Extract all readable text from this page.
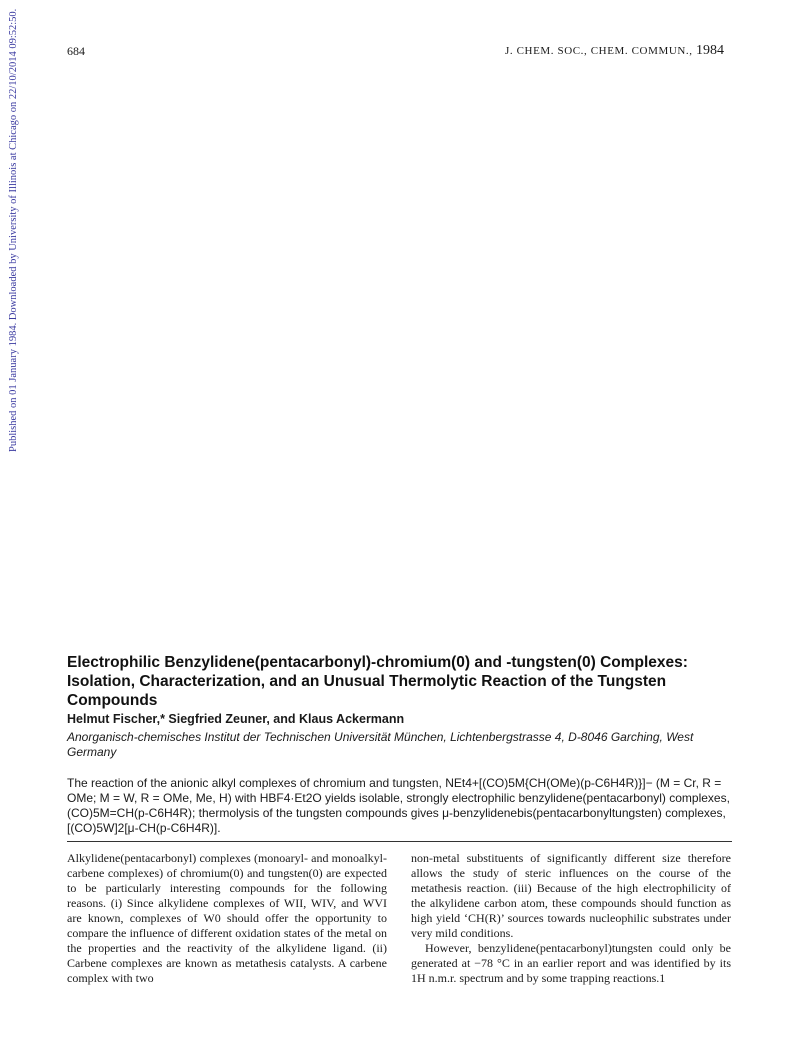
684	J. CHEM. SOC., CHEM. COMMUN., 1984
Published on 01 January 1984. Downloaded by University of Illinois at Chicago on 22/10/2014 09:52:50.
Electrophilic Benzylidene(pentacarbonyl)-chromium(0) and -tungsten(0) Complexes: Isolation, Characterization, and an Unusual Thermolytic Reaction of the Tungsten Compounds
Helmut Fischer,* Siegfried Zeuner, and Klaus Ackermann
Anorganisch-chemisches Institut der Technischen Universität München, Lichtenbergstrasse 4, D-8046 Garching, West Germany
The reaction of the anionic alkyl complexes of chromium and tungsten, NEt4+[(CO)5M{CH(OMe)(p-C6H4R)}]− (M = Cr, R = OMe; M = W, R = OMe, Me, H) with HBF4·Et2O yields isolable, strongly electrophilic benzylidene(pentacarbonyl) complexes, (CO)5M=CH(p-C6H4R); thermolysis of the tungsten compounds gives μ-benzylidenebis(pentacarbonyltungsten) complexes, [(CO)5W]2[μ-CH(p-C6H4R)].
Alkylidene(pentacarbonyl) complexes (monoaryl- and monoalkyl-carbene complexes) of chromium(0) and tungsten(0) are expected to be particularly interesting compounds for the following reasons. (i) Since alkylidene complexes of WII, WIV, and WVI are known, complexes of W0 should offer the opportunity to compare the influence of different oxidation states of the metal on the properties and the reactivity of the alkylidene ligand. (ii) Carbene complexes are known as metathesis catalysts. A carbene complex with two
non-metal substituents of significantly different size therefore allows the study of steric influences on the course of the metathesis reaction. (iii) Because of the high electrophilicity of the alkylidene carbon atom, these compounds should function as high yield ‘CH(R)’ sources towards nucleophilic substrates under very mild conditions.
However, benzylidene(pentacarbonyl)tungsten could only be generated at −78 °C in an earlier report and was identified by its 1H n.m.r. spectrum and by some trapping reactions.1
